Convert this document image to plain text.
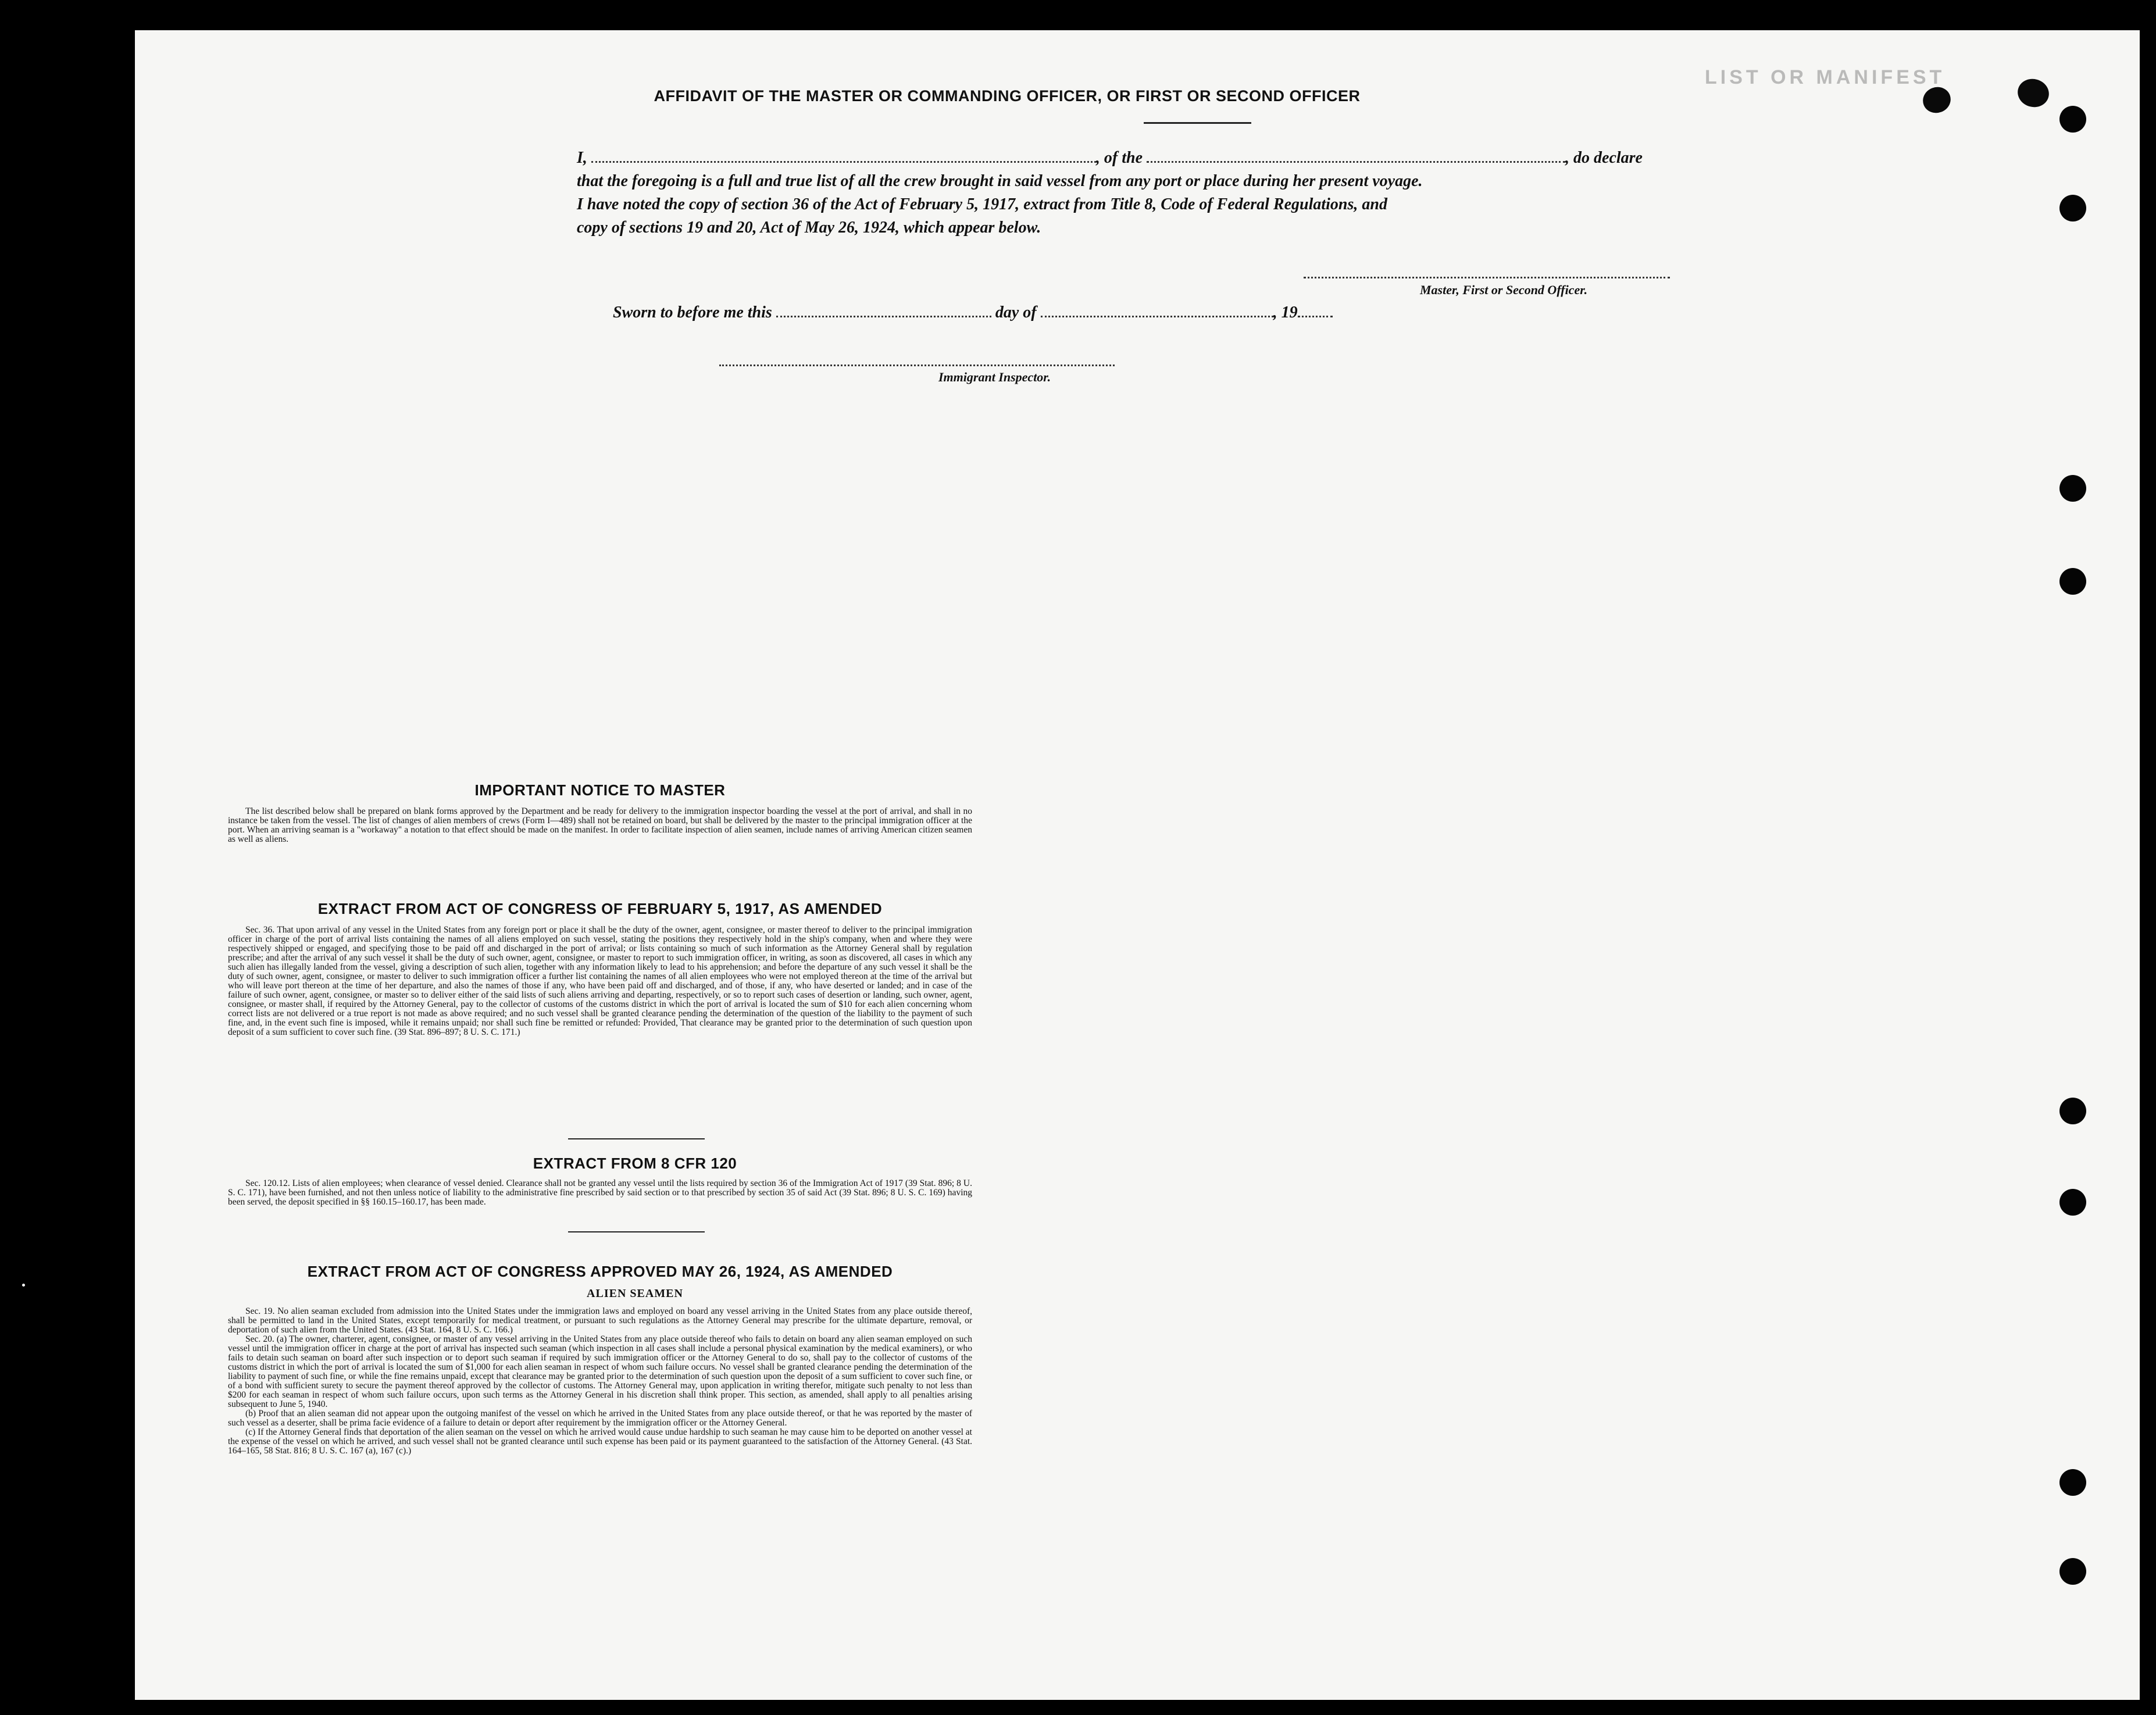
LIST OR MANIFEST
AFFIDAVIT OF THE MASTER OR COMMANDING OFFICER, OR FIRST OR SECOND OFFICER
I,	, of the	, do declare
that the foregoing is a full and true list of all the crew brought in said vessel from any port or place during her present voyage.
I have noted the copy of section 36 of the Act of February 5, 1917, extract from Title 8, Code of Federal Regulations, and
copy of sections 19 and 20, Act of May 26, 1924, which appear below.
Master, First or Second Officer.
Sworn to before me this	day of	, 19
Immigrant Inspector.
IMPORTANT NOTICE TO MASTER

The list described below shall be prepared on blank forms approved by the Department and be ready for delivery to the immigration inspector boarding the vessel at the port of arrival, and shall in no instance be taken from the vessel. The list of changes of alien members of crews (Form I—489) shall not be retained on board, but shall be delivered by the master to the principal immigration officer at the port. When an arriving seaman is a "workaway" a notation to that effect should be made on the manifest. In order to facilitate inspection of alien seamen, include names of arriving American citizen seamen as well as aliens.

EXTRACT FROM ACT OF CONGRESS OF FEBRUARY 5, 1917, AS AMENDED

Sec. 36. That upon arrival of any vessel in the United States from any foreign port or place it shall be the duty of the owner, agent, consignee, or master thereof to deliver to the principal immigration officer in charge of the port of arrival lists containing the names of all aliens employed on such vessel, stating the positions they respectively hold in the ship's company, when and where they were respectively shipped or engaged, and specifying those to be paid off and discharged in the port of arrival; or lists containing so much of such information as the Attorney General shall by regulation prescribe; and after the arrival of any such vessel it shall be the duty of such owner, agent, consignee, or master to report to such immigration officer, in writing, as soon as discovered, all cases in which any such alien has illegally landed from the vessel, giving a description of such alien, together with any information likely to lead to his apprehension; and before the departure of any such vessel it shall be the duty of such owner, agent, consignee, or master to deliver to such immigration officer a further list containing the names of all alien employees who were not employed thereon at the time of the arrival but who will leave port thereon at the time of her departure, and also the names of those if any, who have been paid off and discharged, and of those, if any, who have deserted or landed; and in case of the failure of such owner, agent, consignee, or master so to deliver either of the said lists of such aliens arriving and departing, respectively, or so to report such cases of desertion or landing, such owner, agent, consignee, or master shall, if required by the Attorney General, pay to the collector of customs of the customs district in which the port of arrival is located the sum of $10 for each alien concerning whom correct lists are not delivered or a true report is not made as above required; and no such vessel shall be granted clearance pending the determination of the question of the liability to the payment of such fine, and, in the event such fine is imposed, while it remains unpaid; nor shall such fine be remitted or refunded: Provided, That clearance may be granted prior to the determination of such question upon deposit of a sum sufficient to cover such fine. (39 Stat. 896–897; 8 U. S. C. 171.)

EXTRACT FROM 8 CFR 120

Sec. 120.12. Lists of alien employees; when clearance of vessel denied. Clearance shall not be granted any vessel until the lists required by section 36 of the Immigration Act of 1917 (39 Stat. 896; 8 U. S. C. 171), have been furnished, and not then unless notice of liability to the administrative fine prescribed by said section or to that prescribed by section 35 of said Act (39 Stat. 896; 8 U. S. C. 169) having been served, the deposit specified in §§ 160.15–160.17, has been made.

EXTRACT FROM ACT OF CONGRESS APPROVED MAY 26, 1924, AS AMENDED
ALIEN SEAMEN

Sec. 19. No alien seaman excluded from admission into the United States under the immigration laws and employed on board any vessel arriving in the United States from any place outside thereof, shall be permitted to land in the United States, except temporarily for medical treatment, or pursuant to such regulations as the Attorney General may prescribe for the ultimate departure, removal, or deportation of such alien from the United States. (43 Stat. 164, 8 U. S. C. 166.)

Sec. 20. (a) The owner, charterer, agent, consignee, or master of any vessel arriving in the United States from any place outside thereof who fails to detain on board any alien seaman employed on such vessel until the immigration officer in charge at the port of arrival has inspected such seaman (which inspection in all cases shall include a personal physical examination by the medical examiners), or who fails to detain such seaman on board after such inspection or to deport such seaman if required by such immigration officer or the Attorney General to do so, shall pay to the collector of customs of the customs district in which the port of arrival is located the sum of $1,000 for each alien seaman in respect of whom such failure occurs. No vessel shall be granted clearance pending the determination of the liability to payment of such fine, or while the fine remains unpaid, except that clearance may be granted prior to the determination of such question upon the deposit of a sum sufficient to cover such fine, or of a bond with sufficient surety to secure the payment thereof approved by the collector of customs. The Attorney General may, upon application in writing therefor, mitigate such penalty to not less than $200 for each seaman in respect of whom such failure occurs, upon such terms as the Attorney General in his discretion shall think proper. This section, as amended, shall apply to all penalties arising subsequent to June 5, 1940.

(b) Proof that an alien seaman did not appear upon the outgoing manifest of the vessel on which he arrived in the United States from any place outside thereof, or that he was reported by the master of such vessel as a deserter, shall be prima facie evidence of a failure to detain or deport after requirement by the immigration officer or the Attorney General.

(c) If the Attorney General finds that deportation of the alien seaman on the vessel on which he arrived would cause undue hardship to such seaman he may cause him to be deported on another vessel at the expense of the vessel on which he arrived, and such vessel shall not be granted clearance until such expense has been paid or its payment guaranteed to the satisfaction of the Attorney General. (43 Stat. 164–165, 58 Stat. 816; 8 U. S. C. 167 (a), 167 (c).)
